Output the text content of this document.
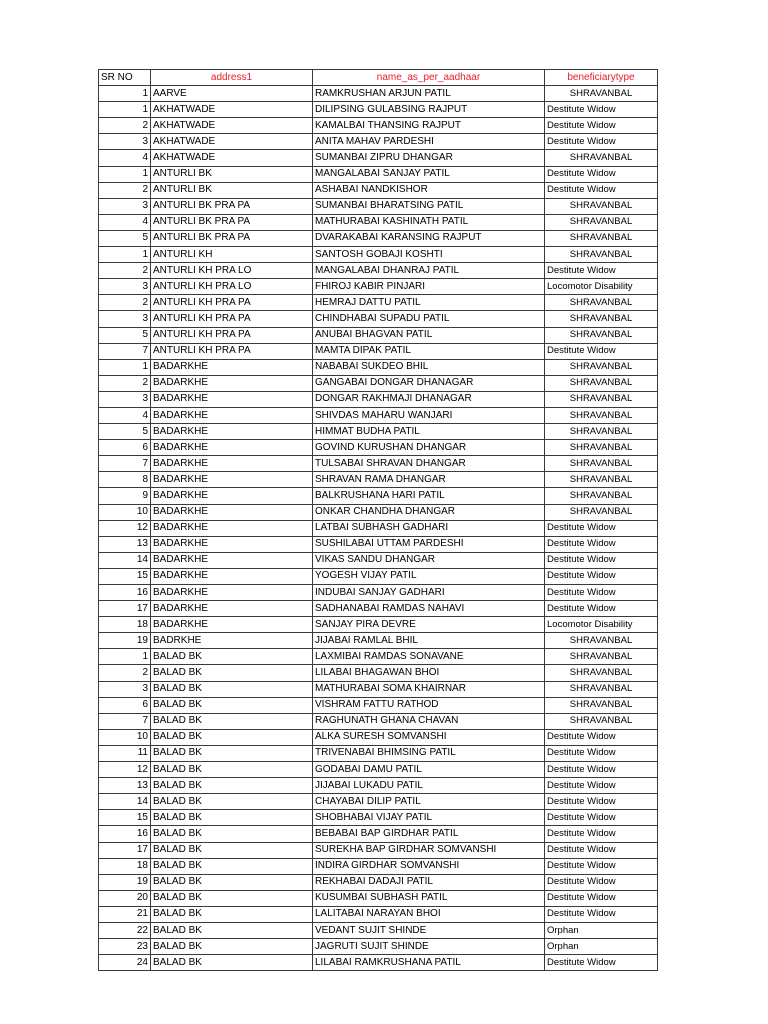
SR NO	address1	name_as_per_aadhaar	beneficiarytype
1	AARVE	RAMKRUSHAN ARJUN PATIL	SHRAVANBAL
1	AKHATWADE	DILIPSING GULABSING RAJPUT	Destitute Widow
2	AKHATWADE	KAMALBAI THANSING RAJPUT	Destitute Widow
3	AKHATWADE	ANITA MAHAV PARDESHI	Destitute Widow
4	AKHATWADE	SUMANBAI ZIPRU DHANGAR	SHRAVANBAL
1	ANTURLI BK	MANGALABAI SANJAY PATIL	Destitute Widow
2	ANTURLI BK	ASHABAI NANDKISHOR	Destitute Widow
3	ANTURLI BK PRA PA	SUMANBAI BHARATSING PATIL	SHRAVANBAL
4	ANTURLI BK PRA PA	MATHURABAI KASHINATH PATIL	SHRAVANBAL
5	ANTURLI BK PRA PA	DVARAKABAI KARANSING RAJPUT	SHRAVANBAL
1	ANTURLI KH	SANTOSH GOBAJI KOSHTI	SHRAVANBAL
2	ANTURLI KH PRA LO	MANGALABAI DHANRAJ PATIL	Destitute Widow
3	ANTURLI KH PRA LO	FHIROJ KABIR PINJARI	Locomotor Disability
2	ANTURLI KH PRA PA	HEMRAJ DATTU PATIL	SHRAVANBAL
3	ANTURLI KH PRA PA	CHINDHABAI SUPADU PATIL	SHRAVANBAL
5	ANTURLI KH PRA PA	ANUBAI BHAGVAN PATIL	SHRAVANBAL
7	ANTURLI KH PRA PA	MAMTA DIPAK PATIL	Destitute Widow
1	BADARKHE	NABABAI SUKDEO BHIL	SHRAVANBAL
2	BADARKHE	GANGABAI DONGAR DHANAGAR	SHRAVANBAL
3	BADARKHE	DONGAR RAKHMAJI DHANAGAR	SHRAVANBAL
4	BADARKHE	SHIVDAS MAHARU WANJARI	SHRAVANBAL
5	BADARKHE	HIMMAT BUDHA PATIL	SHRAVANBAL
6	BADARKHE	GOVIND KURUSHAN DHANGAR	SHRAVANBAL
7	BADARKHE	TULSABAI SHRAVAN DHANGAR	SHRAVANBAL
8	BADARKHE	SHRAVAN RAMA DHANGAR	SHRAVANBAL
9	BADARKHE	BALKRUSHANA HARI PATIL	SHRAVANBAL
10	BADARKHE	ONKAR CHANDHA DHANGAR	SHRAVANBAL
12	BADARKHE	LATBAI SUBHASH GADHARI	Destitute Widow
13	BADARKHE	SUSHILABAI UTTAM PARDESHI	Destitute Widow
14	BADARKHE	VIKAS SANDU DHANGAR	Destitute Widow
15	BADARKHE	YOGESH VIJAY PATIL	Destitute Widow
16	BADARKHE	INDUBAI SANJAY GADHARI	Destitute Widow
17	BADARKHE	SADHANABAI RAMDAS NAHAVI	Destitute Widow
18	BADARKHE	SANJAY PIRA DEVRE	Locomotor Disability
19	BADRKHE	JIJABAI RAMLAL BHIL	SHRAVANBAL
1	BALAD BK	LAXMIBAI RAMDAS SONAVANE	SHRAVANBAL
2	BALAD BK	LILABAI BHAGAWAN BHOI	SHRAVANBAL
3	BALAD BK	MATHURABAI SOMA KHAIRNAR	SHRAVANBAL
6	BALAD BK	VISHRAM FATTU RATHOD	SHRAVANBAL
7	BALAD BK	RAGHUNATH GHANA CHAVAN	SHRAVANBAL
10	BALAD BK	ALKA SURESH SOMVANSHI	Destitute Widow
11	BALAD BK	TRIVENABAI BHIMSING PATIL	Destitute Widow
12	BALAD BK	GODABAI DAMU PATIL	Destitute Widow
13	BALAD BK	JIJABAI LUKADU PATIL	Destitute Widow
14	BALAD BK	CHAYABAI DILIP PATIL	Destitute Widow
15	BALAD BK	SHOBHABAI VIJAY PATIL	Destitute Widow
16	BALAD BK	BEBABAI BAP GIRDHAR PATIL	Destitute Widow
17	BALAD BK	SUREKHA BAP GIRDHAR SOMVANSHI	Destitute Widow
18	BALAD BK	INDIRA GIRDHAR SOMVANSHI	Destitute Widow
19	BALAD BK	REKHABAI DADAJI PATIL	Destitute Widow
20	BALAD BK	KUSUMBAI SUBHASH PATIL	Destitute Widow
21	BALAD BK	LALITABAI NARAYAN BHOI	Destitute Widow
22	BALAD BK	VEDANT SUJIT SHINDE	Orphan
23	BALAD BK	JAGRUTI SUJIT SHINDE	Orphan
24	BALAD BK	LILABAI RAMKRUSHANA PATIL	Destitute Widow
